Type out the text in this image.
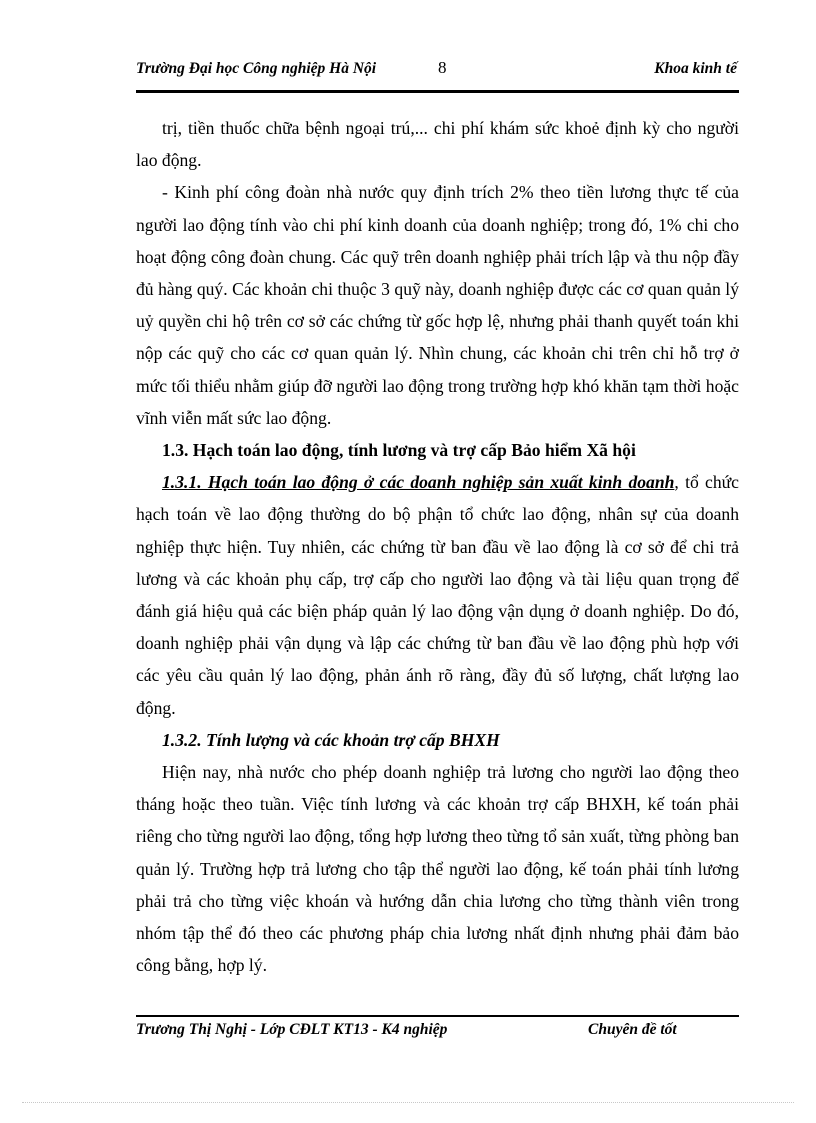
Trường Đại học Công nghiệp Hà Nội	8	Khoa kinh tế

trị, tiền thuốc chữa bệnh ngoại trú,... chi phí khám sức khoẻ định kỳ cho người lao động.

- Kinh phí công đoàn nhà nước quy định trích 2% theo tiền lương thực tế của người lao động tính vào chi phí kinh doanh của doanh nghiệp; trong đó, 1% chi cho hoạt động công đoàn chung. Các quỹ trên doanh nghiệp phải trích lập và thu nộp đầy đủ hàng quý. Các khoản chi thuộc 3 quỹ này, doanh nghiệp được các cơ quan quản lý uỷ quyền chi hộ trên cơ sở các chứng từ gốc hợp lệ, nhưng phải thanh quyết toán khi nộp các quỹ cho các cơ quan quản lý. Nhìn chung, các khoản chi trên chỉ hỗ trợ ở mức tối thiểu nhằm giúp đỡ người lao động trong trường hợp khó khăn tạm thời hoặc vĩnh viễn mất sức lao động.

1.3. Hạch toán lao động, tính lương và trợ cấp Bảo hiểm Xã hội

1.3.1. Hạch toán lao động ở các doanh nghiệp sản xuất kinh doanh, tổ chức hạch toán về lao động thường do bộ phận tổ chức lao động, nhân sự của doanh nghiệp thực hiện. Tuy nhiên, các chứng từ ban đầu về lao động là cơ sở để chi trả lương và các khoản phụ cấp, trợ cấp cho người lao động và tài liệu quan trọng để đánh giá hiệu quả các biện pháp quản lý lao động vận dụng ở doanh nghiệp. Do đó, doanh nghiệp phải vận dụng và lập các chứng từ ban đầu về lao động phù hợp với các yêu cầu quản lý lao động, phản ánh rõ ràng, đầy đủ số lượng, chất lượng lao động.

1.3.2. Tính lượng và các khoản trợ cấp BHXH

Hiện nay, nhà nước cho phép doanh nghiệp trả lương cho người lao động theo tháng hoặc theo tuần. Việc tính lương và các khoản trợ cấp BHXH, kế toán phải riêng cho từng người lao động, tổng hợp lương theo từng tổ sản xuất, từng phòng ban quản lý. Trường hợp trả lương cho tập thể người lao động, kế toán phải tính lương phải trả cho từng việc khoán và hướng dẫn chia lương cho từng thành viên trong nhóm tập thể đó theo các phương pháp chia lương nhất định nhưng phải đảm bảo công bằng, hợp lý.

Trương Thị Nghị - Lớp CĐLT KT13 - K4 nghiệp	Chuyên đề tốt
